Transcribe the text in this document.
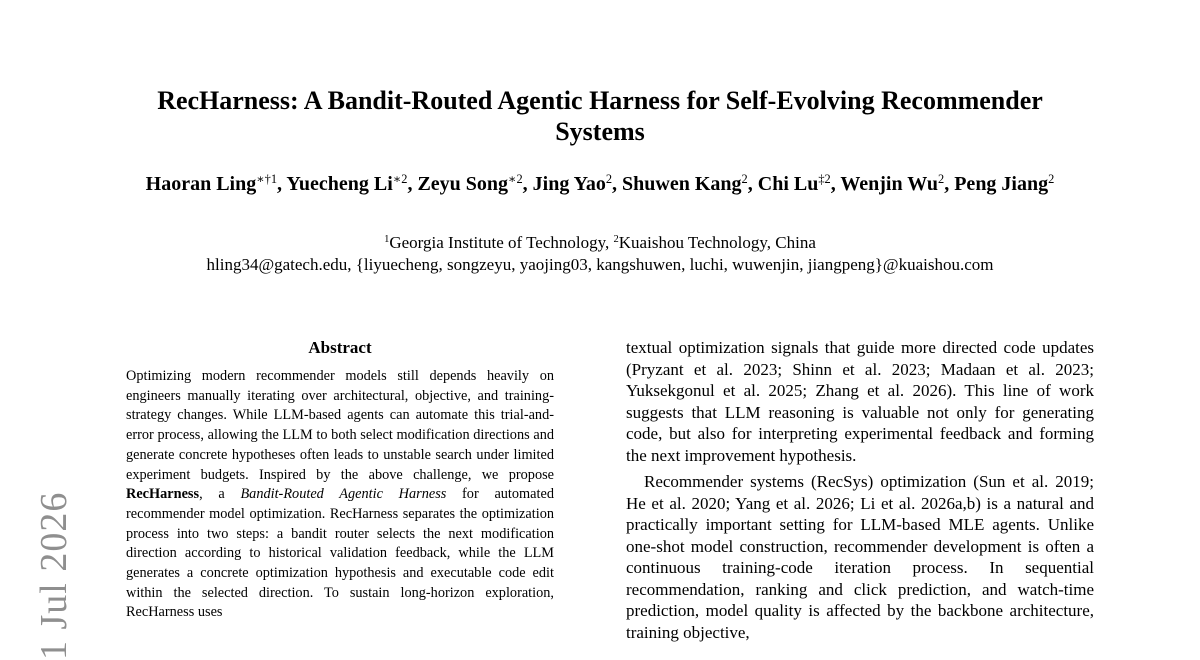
1 Jul 2026
RecHarness: A Bandit-Routed Agentic Harness for Self-Evolving Recommender Systems
Haoran Ling$^{∗\dagger 1}$, Yuecheng $Li^{∗2}$, Zeyu Song$^{∗2}$, Jing Yao$^2$, Shuwen Kang$^2$, Chi Lu$^{\ddagger 2}$, Wenjin Wu$^2$, Peng Jiang$^2$
$^1$Georgia Institute of Technology, $^2$Kuaishou Technology, China
hling34@gatech.edu, {liyuecheng, songzeyu, yaojing03, kangshuwen, luchi, wuwenjin, jiangpeng}@kuaishou.com
Abstract

Optimizing modern recommender models still depends heavily on engineers manually iterating over architectural, objective, and training-strategy changes. While LLM-based agents can automate this trial-and-error process, allowing the LLM to both select modification directions and generate concrete hypotheses often leads to unstable search under limited experiment budgets. Inspired by the above challenge, we propose RecHarness, a Bandit-Routed Agentic Harness for automated recommender model optimization. RecHarness separates the optimization process into two steps: a bandit router selects the next modification direction according to historical validation feedback, while the LLM generates a concrete optimization hypothesis and executable code edit within the selected direction. To sustain long-horizon exploration, RecHarness uses

textual optimization signals that guide more directed code updates (Pryzant et al. 2023; Shinn et al. 2023; Madaan et al. 2023; Yuksekgonul et al. 2025; Zhang et al. 2026). This line of work suggests that LLM reasoning is valuable not only for generating code, but also for interpreting experimental feedback and forming the next improvement hypothesis.

Recommender systems (RecSys) optimization (Sun et al. 2019; He et al. 2020; Yang et al. 2026; Li et al. 2026a,b) is a natural and practically important setting for LLM-based MLE agents. Unlike one-shot model construction, recommender development is often a continuous training-code iteration process. In sequential recommendation, ranking and click prediction, and watch-time prediction, model quality is affected by the backbone architecture, training objective,
